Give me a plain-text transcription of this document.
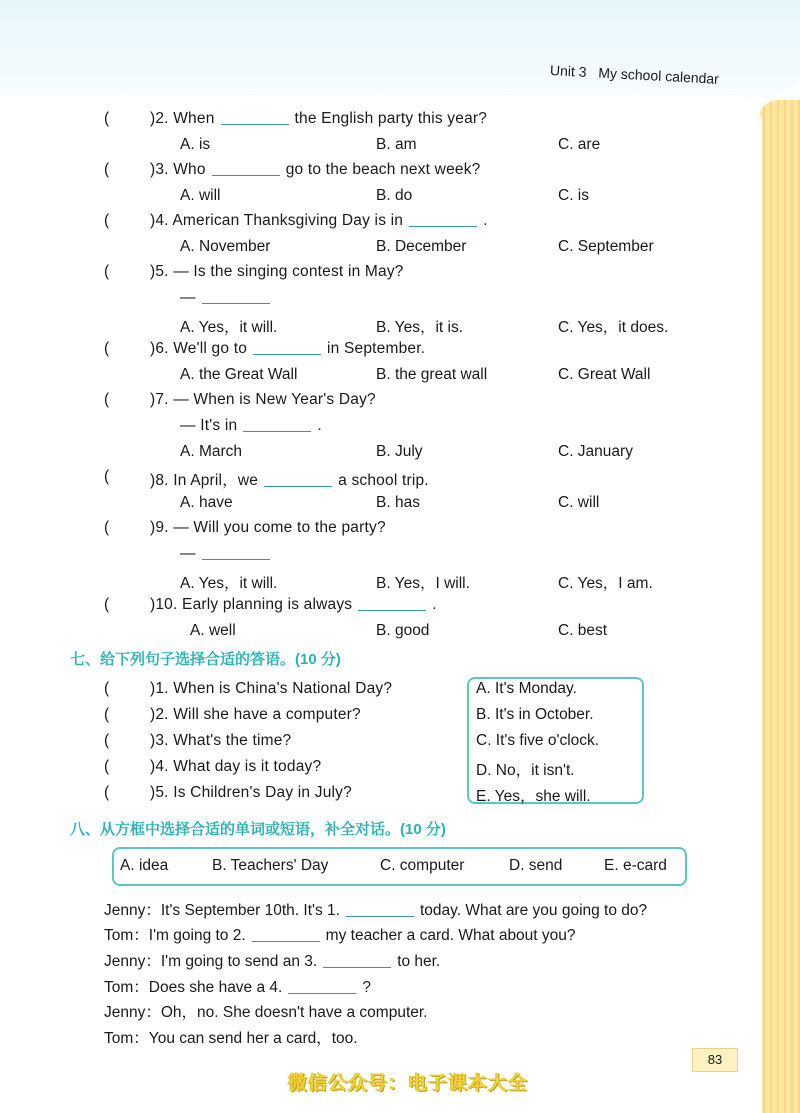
Unit 3 My school calendar
(	)2. When	the English party this year?
A. is	B. am	C. are
(	)3. Who	go to the beach next week?
A. will	B. do	C. is
(	)4. American Thanksgiving Day is in	.
A. November	B. December	C. September
(	)5. — Is the singing contest in May?
—
A. Yes，it will.	B. Yes，it is.	C. Yes，it does.
(	)6. We'll go to	in September.
A. the Great Wall	B. the great wall	C. Great Wall
(	)7. — When is New Year's Day?
— It's in	.
A. March	B. July	C. January
(	)8. In April，we	a school trip.
A. have	B. has	C. will
(	)9. — Will you come to the party?
—
A. Yes，it will.	B. Yes，I will.	C. Yes，I am.
(	)10. Early planning is always	.
A. well	B. good	C. best
七、给下列句子选择合适的答语。(10 分)
(	)1. When is China's National Day?
(	)2. Will she have a computer?
(	)3. What's the time?
(	)4. What day is it today?
(	)5. Is Children's Day in July?
A. It's Monday.
B. It's in October.
C. It's five o'clock.
D. No，it isn't.
E. Yes，she will.
八、从方框中选择合适的单词或短语，补全对话。(10 分)
A. idea	B. Teachers' Day	C. computer	D. send	E. e-card
Jenny：It's September 10th. It's 1.	today. What are you going to do?
Tom：I'm going to 2.	my teacher a card. What about you?
Jenny：I'm going to send an 3.	to her.
Tom：Does she have a 4.	?
Jenny：Oh，no. She doesn't have a computer.
Tom：You can send her a card，too.
83
微信公众号：电子课本大全
